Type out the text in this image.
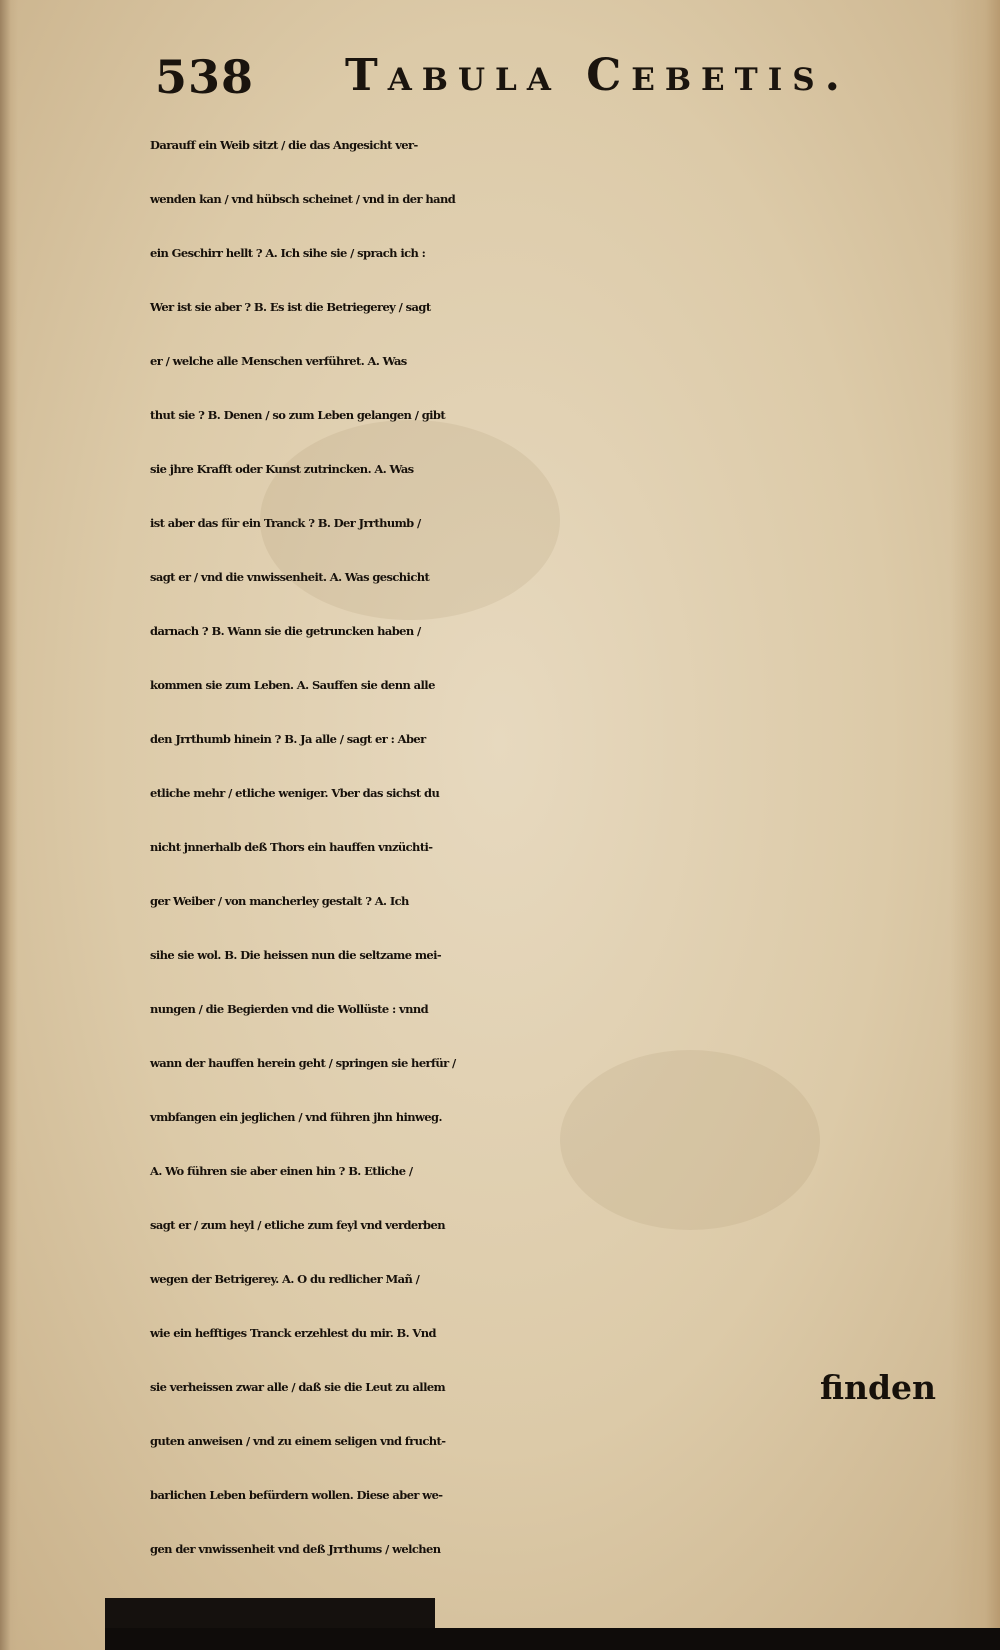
538 Tabula Cebetis.
Darauff ein Weib sitzt / die das Angesicht ver-
wenden kan / vnd hübsch scheinet / vnd in der hand
ein Geschirr hellt ? A. Ich sihe sie / sprach ich :
Wer ist sie aber ? B. Es ist die Betriegerey / sagt
er / welche alle Menschen verführet. A. Was
thut sie ? B. Denen / so zum Leben gelangen / gibt
sie jhre Krafft oder Kunst zutrincken. A. Was
ist aber das für ein Tranck ? B. Der Jrrthumb /
sagt er / vnd die vnwissenheit. A. Was geschicht
darnach ? B. Wann sie die getruncken haben /
kommen sie zum Leben. A. Sauffen sie denn alle
den Jrrthumb hinein ? B. Ja alle / sagt er : Aber
etliche mehr / etliche weniger. Vber das sichst du
nicht jnnerhalb deß Thors ein hauffen vnzüchti-
ger Weiber / von mancherley gestalt ? A. Ich
sihe sie wol. B. Die heissen nun die seltzame mei-
nungen / die Begierden vnd die Wollüste : vnnd
wann der hauffen herein geht / springen sie herfür /
vmbfangen ein jeglichen / vnd führen jhn hinweg.
A. Wo führen sie aber einen hin ? B. Etliche /
sagt er / zum heyl / etliche zum feyl vnd verderben
wegen der Betrigerey. A. O du redlicher Mañ /
wie ein hefftiges Tranck erzehlest du mir. B. Vnd
sie verheissen zwar alle / daß sie die Leut zu allem
guten anweisen / vnd zu einem seligen vnd frucht-
barlichen Leben befürdern wollen. Diese aber we-
gen der vnwissenheit vnd deß Jrrthums / welchen
finden
